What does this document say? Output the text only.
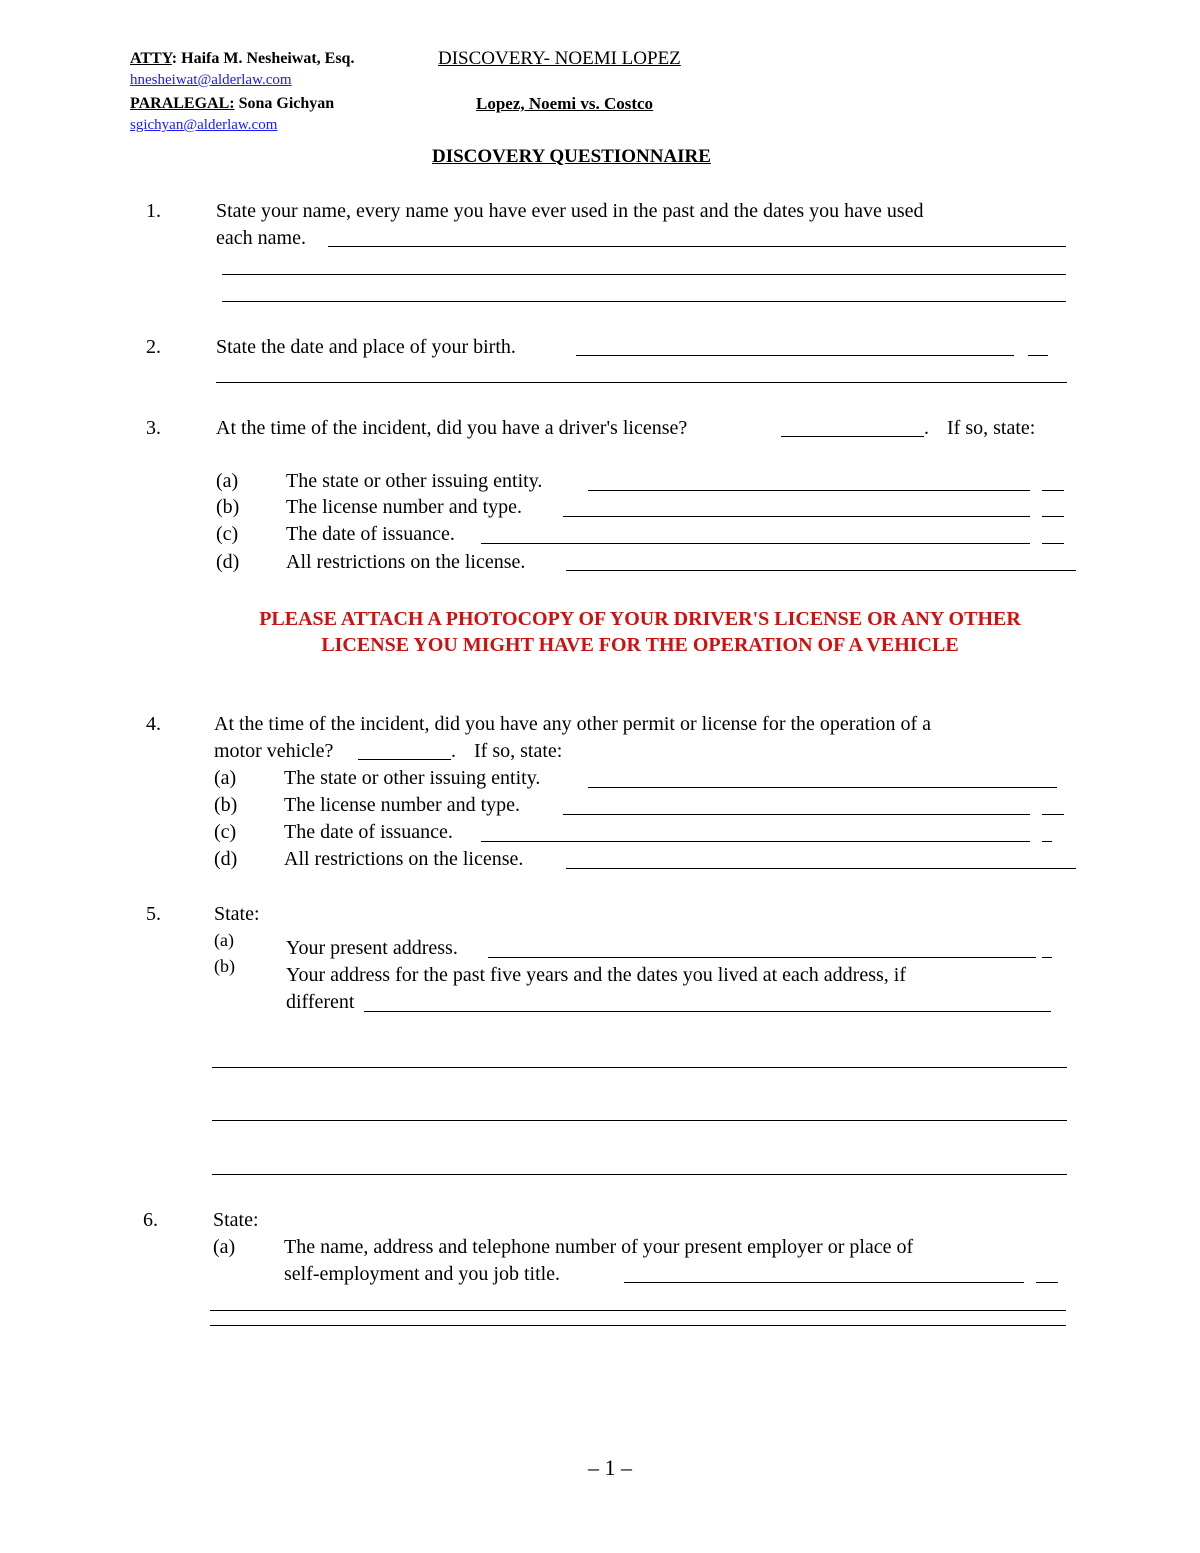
ATTY: Haifa M. Nesheiwat, Esq.
hnesheiwat@alderlaw.com
PARALEGAL: Sona Gichyan
sgichyan@alderlaw.com
DISCOVERY- NOEMI LOPEZ
Lopez, Noemi vs. Costco
DISCOVERY QUESTIONNAIRE
1.	State your name, every name you have ever used in the past and the dates you have used
each name.
2.	State the date and place of your birth.
3.	At the time of the incident, did you have a driver's license?	. If so, state:
(a) The state or other issuing entity.
(b) The license number and type.
(c) The date of issuance.
(d) All restrictions on the license.
PLEASE ATTACH A PHOTOCOPY OF YOUR DRIVER'S LICENSE OR ANY OTHER LICENSE YOU MIGHT HAVE FOR THE OPERATION OF A VEHICLE
4.	At the time of the incident, did you have any other permit or license for the operation of a
motor vehicle?	. If so, state:
(a) The state or other issuing entity.
(b) The license number and type.
(c) The date of issuance.
(d) All restrictions on the license.
5.	State:
(a)	Your present address.
(b)	Your address for the past five years and the dates you lived at each address, if
different
6.	State:
(a) The name, address and telephone number of your present employer or place of
self-employment and you job title.
– 1 –
